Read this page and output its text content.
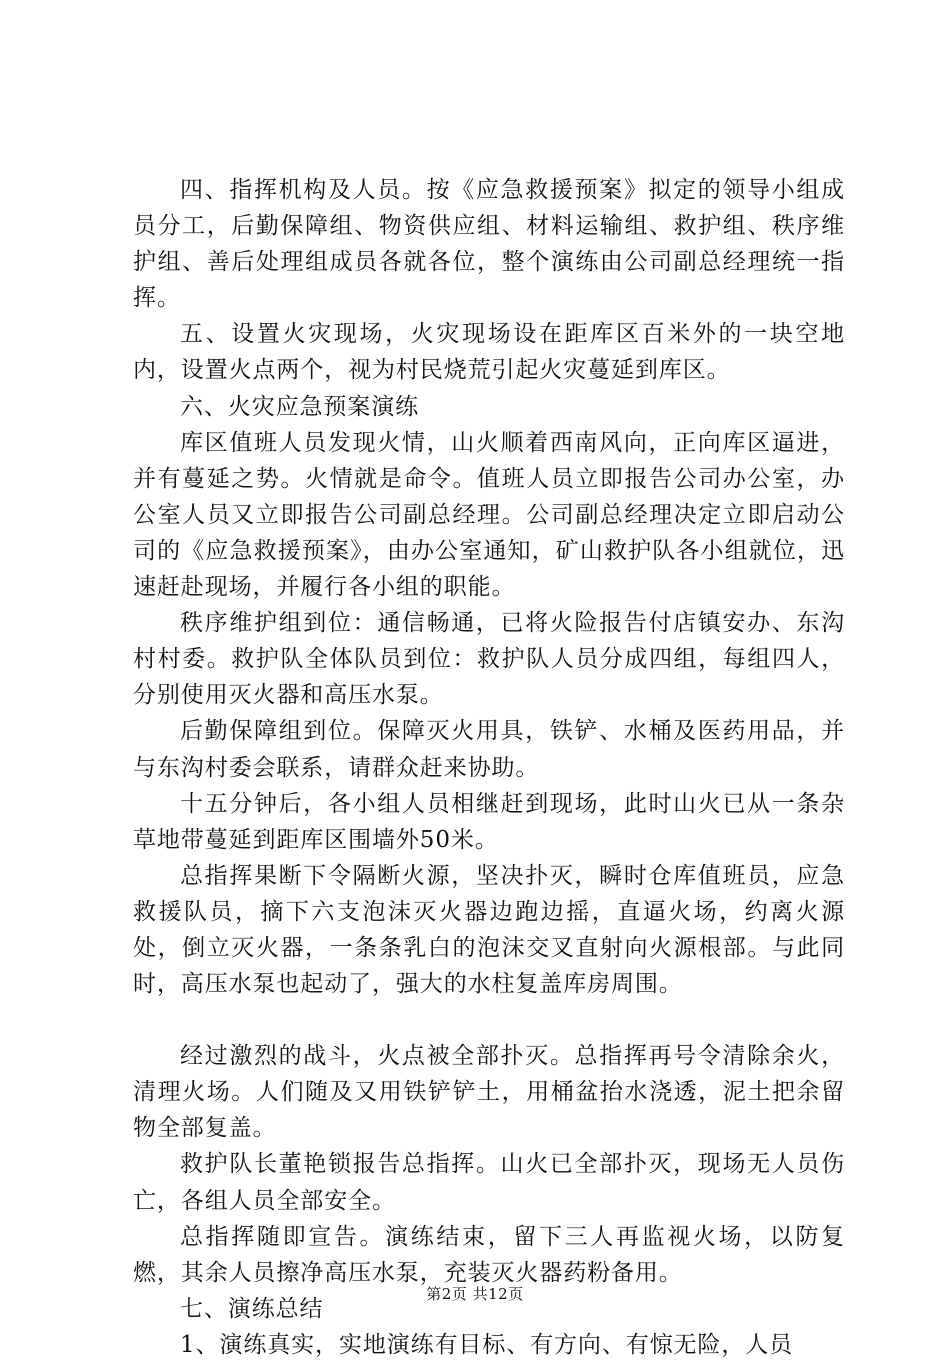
四、指挥机构及人员。按《应急救援预案》拟定的领导小组成员分工，后勤保障组、物资供应组、材料运输组、救护组、秩序维护组、善后处理组成员各就各位，整个演练由公司副总经理统一指挥。

五、设置火灾现场，火灾现场设在距库区百米外的一块空地内，设置火点两个，视为村民烧荒引起火灾蔓延到库区。

六、火灾应急预案演练

库区值班人员发现火情，山火顺着西南风向，正向库区逼进，并有蔓延之势。火情就是命令。值班人员立即报告公司办公室，办公室人员又立即报告公司副总经理。公司副总经理决定立即启动公司的《应急救援预案》，由办公室通知，矿山救护队各小组就位，迅速赶赴现场，并履行各小组的职能。

秩序维护组到位：通信畅通，已将火险报告付店镇安办、东沟村村委。救护队全体队员到位：救护队人员分成四组，每组四人，分别使用灭火器和高压水泵。

后勤保障组到位。保障灭火用具，铁铲、水桶及医药用品，并与东沟村委会联系，请群众赶来协助。

十五分钟后，各小组人员相继赶到现场，此时山火已从一条杂草地带蔓延到距库区围墙外50米。

总指挥果断下令隔断火源，坚决扑灭，瞬时仓库值班员，应急救援队员，摘下六支泡沫灭火器边跑边摇，直逼火场，约离火源处，倒立灭火器，一条条乳白的泡沫交叉直射向火源根部。与此同时，高压水泵也起动了，强大的水柱复盖库房周围。

经过激烈的战斗，火点被全部扑灭。总指挥再号令清除余火，清理火场。人们随及又用铁铲铲土，用桶盆抬水浇透，泥土把余留物全部复盖。

救护队长董艳锁报告总指挥。山火已全部扑灭，现场无人员伤亡，各组人员全部安全。

总指挥随即宣告。演练结束，留下三人再监视火场，以防复燃，其余人员擦净高压水泵，充装灭火器药粉备用。

七、演练总结

1、演练真实，实地演练有目标、有方向、有惊无险，人员

第2页 共12页
